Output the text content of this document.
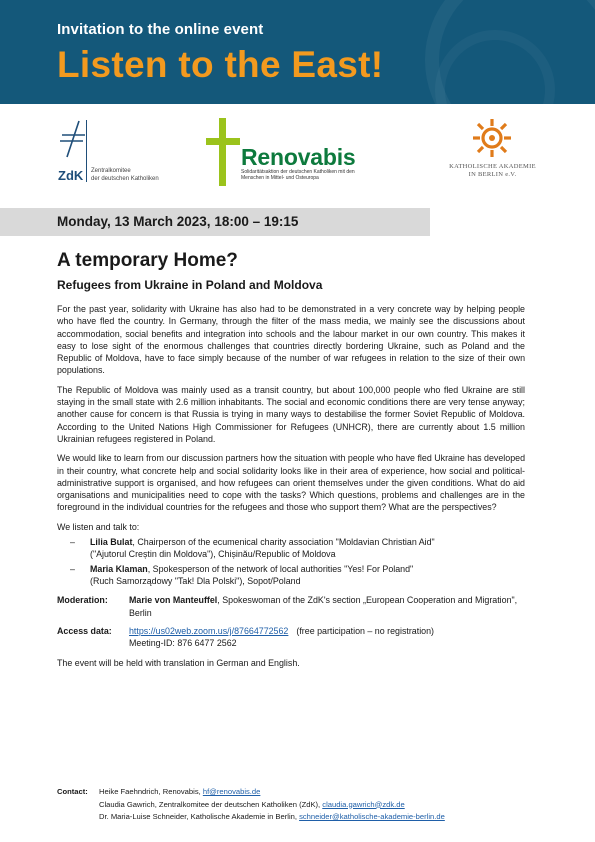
Invitation to the online event
Listen to the East!
ZdK Zentralkomitee
der deutschen Katholiken
Renovabis
Solidaritätsaktion der deutschen Katholiken mit den Menschen in Mittel- und Osteuropa
KATHOLISCHE AKADEMIE
IN BERLIN e.V.
Monday, 13 March 2023, 18:00 – 19:15
A temporary Home?
Refugees from Ukraine in Poland and Moldova

For the past year, solidarity with Ukraine has also had to be demonstrated in a very concrete way by helping people who have fled the country. In Germany, through the filter of the mass media, we mainly see the discussions about accommodation, social benefits and integration into schools and the labour market in our own country. This makes it easy to lose sight of the enormous challenges that countries directly bordering Ukraine, such as Poland and the Republic of Moldova, have to face simply because of the number of war refugees in relation to the size of their own populations.

The Republic of Moldova was mainly used as a transit country, but about 100,000 people who fled Ukraine are still staying in the small state with 2.6 million inhabitants. The social and economic conditions there are very tense anyway; another cause for concern is that Russia is trying in many ways to destabilise the former Soviet Republic of Moldova. According to the United Nations High Commissioner for Refugees (UNHCR), there are currently about 1.5 million Ukrainian refugees registered in Poland.

We would like to learn from our discussion partners how the situation with people who have fled Ukraine has developed in their country, what concrete help and social solidarity looks like in their area of experience, how social and political-administrative support is organised, and how refugees can orient themselves under the given conditions. What do aid organisations and municipalities need to cope with the tasks? Which questions, problems and challenges are in the foreground in the individual countries for the refugees and those who support them? What are the perspectives?

We listen and talk to:

– Lilia Bulat, Chairperson of the ecumenical charity association "Moldavian Christian Aid"
("Ajutorul Creștin din Moldova"), Chișinău/Republic of Moldova
– Maria Klaman, Spokesperson of the network of local authorities "Yes! For Poland"
(Ruch Samorządowy "Tak! Dla Polski"), Sopot/Poland
Moderation:	Marie von Manteuffel, Spokeswoman of the ZdK's section „European Cooperation and Migration", Berlin
Access data:	https://us02web.zoom.us/j/87664772562 (free participation – no registration)
Meeting-ID: 876 6477 2562

The event will be held with translation in German and English.

Contact: Heike Faehndrich, Renovabis, hf@renovabis.de
Claudia Gawrich, Zentralkomitee der deutschen Katholiken (ZdK), claudia.gawrich@zdk.de
Dr. Maria-Luise Schneider, Katholische Akademie in Berlin, schneider@katholische-akademie-berlin.de
